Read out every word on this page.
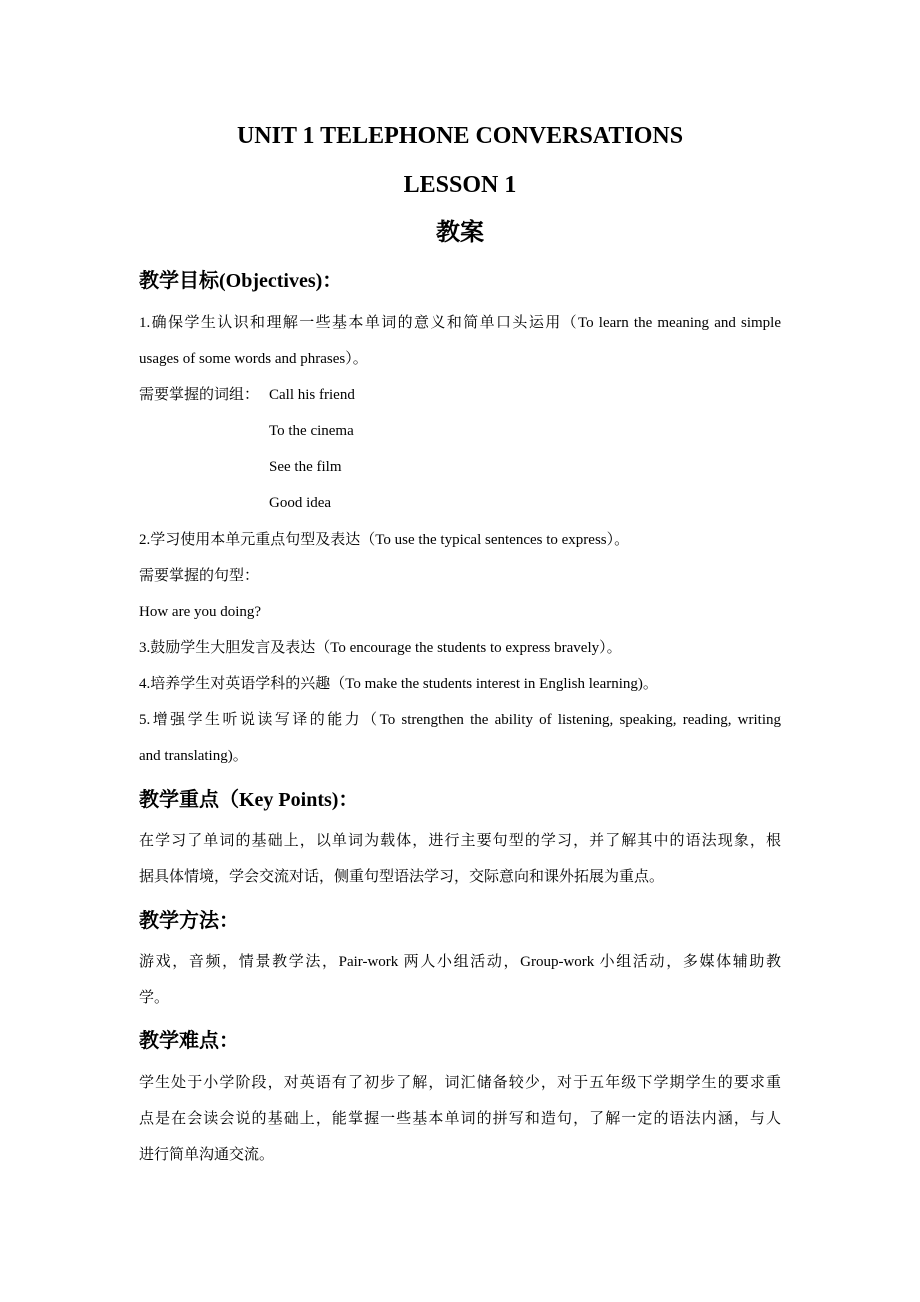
UNIT 1 TELEPHONE CONVERSATIONS
LESSON 1
教案
教学目标(Objectives)：

1.确保学生认识和理解一些基本单词的意义和简单口头运用（To learn the meaning and simple

usages of some words and phrases）。

需要掌握的词组： Call his friend

To the cinema

See the film

Good idea

2.学习使用本单元重点句型及表达（To use the typical sentences to express）。

需要掌握的句型：

How are you doing?

3.鼓励学生大胆发言及表达（To encourage the students to express bravely）。

4.培养学生对英语学科的兴趣（To make the students interest in English learning)。

5.增强学生听说读写译的能力（To strengthen the ability of listening, speaking, reading, writing

and translating)。

教学重点（Key Points)：

在学习了单词的基础上，以单词为载体，进行主要句型的学习，并了解其中的语法现象，根

据具体情境，学会交流对话，侧重句型语法学习，交际意向和课外拓展为重点。

教学方法：

游戏，音频，情景教学法，Pair-work 两人小组活动，Group-work 小组活动，多媒体辅助教

学。

教学难点：

学生处于小学阶段，对英语有了初步了解，词汇储备较少，对于五年级下学期学生的要求重

点是在会读会说的基础上，能掌握一些基本单词的拼写和造句，了解一定的语法内涵，与人

进行简单沟通交流。
